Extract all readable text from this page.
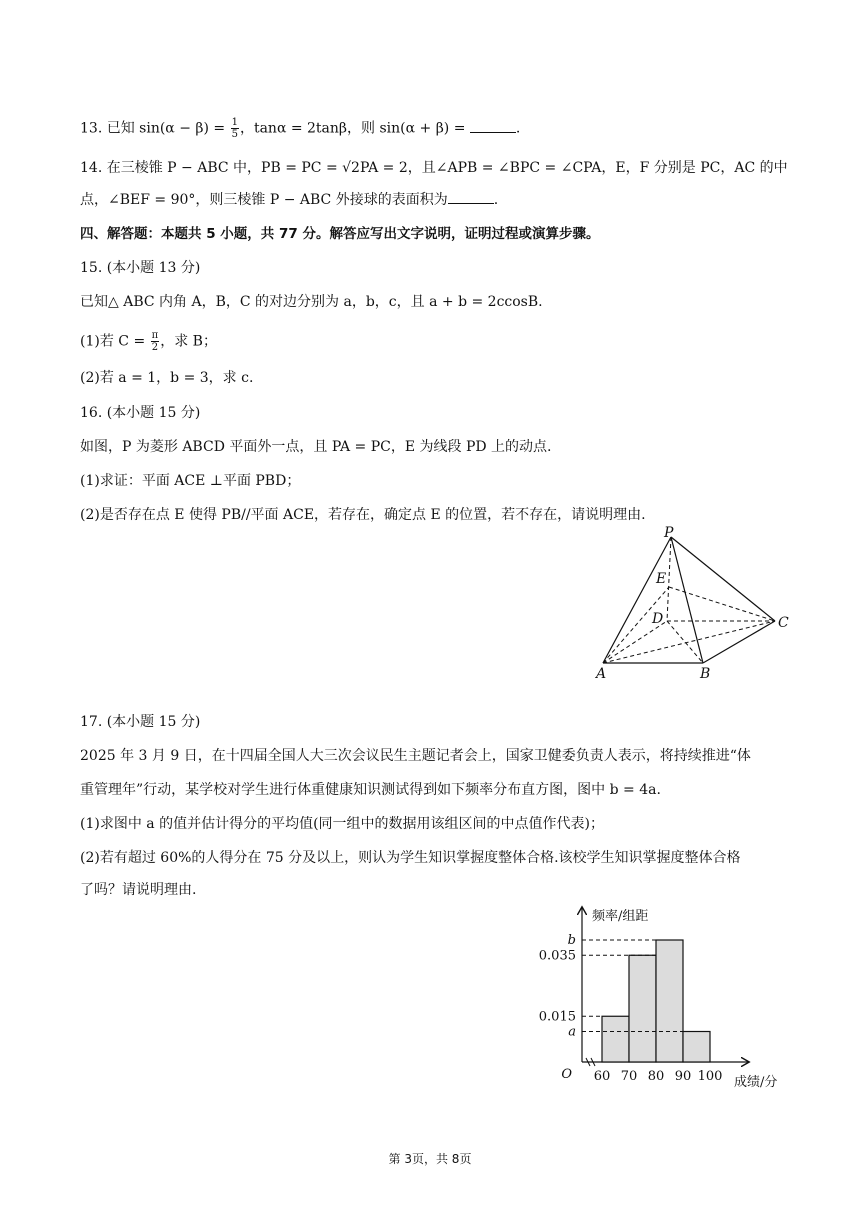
13. 已知 $\sin(\alpha - \beta) = \frac{1}{5}$ ，tanα = 2tanβ，则 sin(α + β) =	.
14. 在三棱锥 P − ABC 中，PB = PC = √2PA = 2，且∠APB = ∠BPC = ∠CPA，E，F 分别是 PC，AC 的中
点，∠BEF = 90°，则三棱锥 P − ABC 外接球的表面积为	.
四、解答题：本题共 5 小题，共 77 分。解答应写出文字说明，证明过程或演算步骤。
15. (本小题 13 分)
已知△ ABC 内角 A，B，C 的对边分别为 a，b，c，且 a + b = 2ccosB.
(1)若 $C = \frac{\pi}{2}$ ，求 B；
(2)若 a = 1，b = 3，求 c.
16. (本小题 15 分)
如图，P 为菱形 ABCD 平面外一点，且 PA = PC，E 为线段 PD 上的动点.
(1)求证：平面 ACE ⊥平面 PBD；
(2)是否存在点 E 使得 PB//平面 ACE，若存在，确定点 E 的位置，若不存在，请说明理由.
P
E
D	C
A	B
17. (本小题 15 分)
2025 年 3 月 9 日，在十四届全国人大三次会议民生主题记者会上，国家卫健委负责人表示，将持续推进“体
重管理年”行动，某学校对学生进行体重健康知识测试得到如下频率分布直方图，图中 b = 4a.
(1)求图中 a 的值并估计得分的平均值(同一组中的数据用该组区间的中点值作代表)；
(2)若有超过 60%的人得分在 75 分及以上，则认为学生知识掌握度整体合格.该校学生知识掌握度整体合格
了吗？请说明理由.
b
0.035
0.015
a
60 70 80 90 100
O
频率/组距
成绩/分
第 3页，共 8页
